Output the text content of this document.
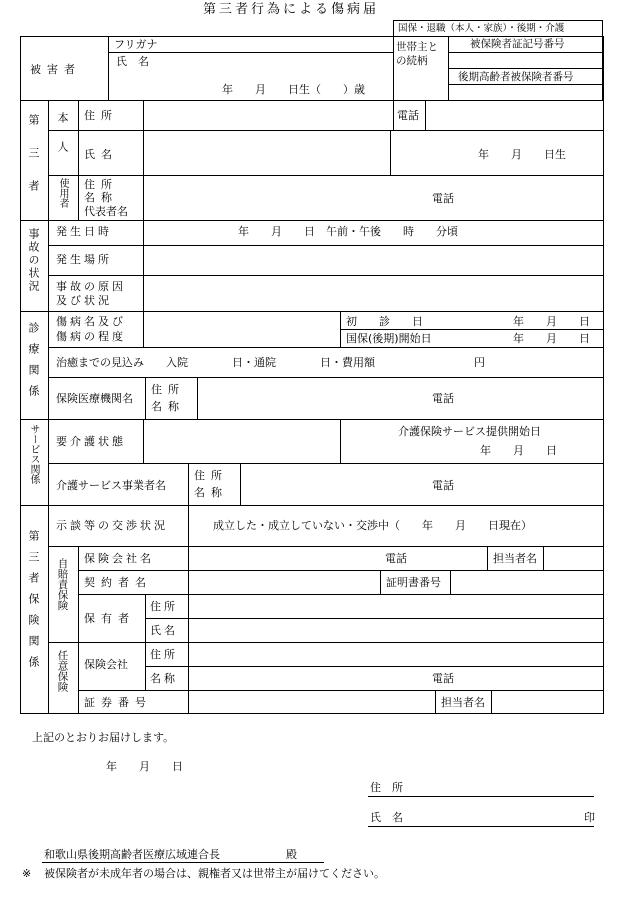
第三者行為による傷病届
国保・退職（本人・家族）・後期・介護
世帯主との続柄
被保険者証記号番号
後期高齢者被保険者番号
被害者
フリガナ
氏　名
年　　月　　日生（　　）歳
第三者 本人
使用者
住所	電話
氏名	年　　月　　日生
住所
名称
代表者名
電話
事故の状況 発生日時	年　　月　　日　午前・午後　　時　　分頃
発生場所
事故の原因
及び状況
診療関係
傷病名及び
傷病の程度
初　　診　　日	年　　月　　日
国保(後期)開始日	年　　月　　日
治癒までの見込み　　入院　　　　日・通院　　　　日・費用額　　　　　　　　　円
保険医療機関名
住所
名称
電話
サービス関係 要介護状態
介護保険サービス提供開始日
年　　月　　日
介護サービス事業者名
住所
名称
電話
第三者保険関係
示談等の交渉状況	成立した・成立していない・交渉中（　　年　　月　　日現在）
自賠責保険 保険会社名	電話	担当者名
契約者名	証明書番号
保有者
住所
氏名
任意保険 保険会社
住所
名称	電話
証券番号	担当者名
上記のとおりお届けします。
年　　月　　日
住　所
氏　名	印
和歌山県後期高齢者医療広域連合長　　　　　　殿
※ 被保険者が未成年者の場合は、親権者又は世帯主が届けてください。
